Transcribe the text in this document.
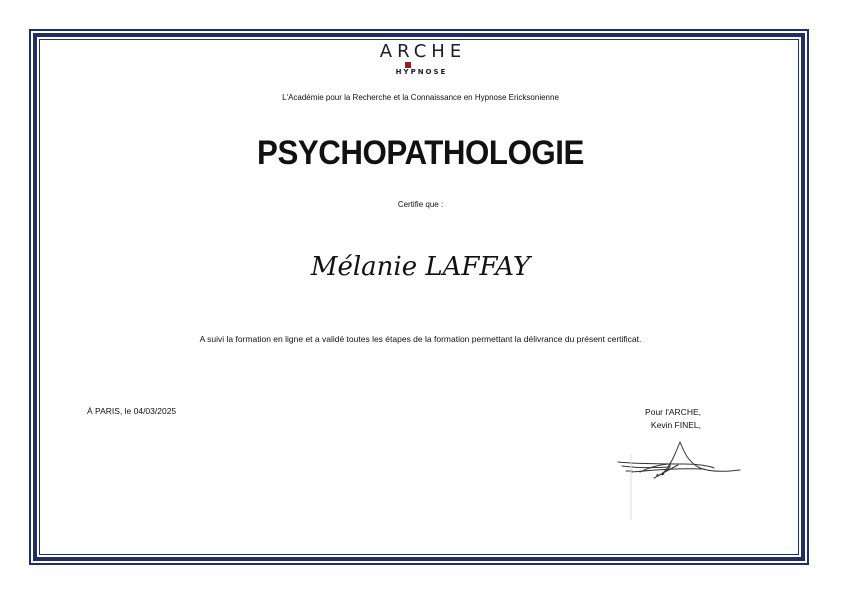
ARCHE
HYPNOSE
L'Académie pour la Recherche et la Connaissance en Hypnose Ericksonienne
PSYCHOPATHOLOGIE
Certifie que :
Mélanie LAFFAY
A suivi la formation en ligne et a validé toutes les étapes de la formation permettant la délivrance du présent certificat.
À PARIS, le 04/03/2025	Pour l'ARCHE,
Kevin FINEL,
